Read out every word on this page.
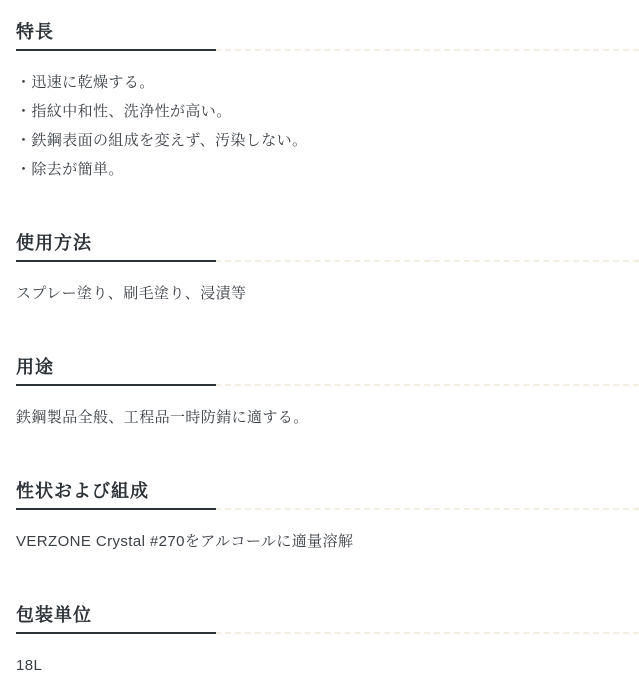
特長

・迅速に乾燥する。

・指紋中和性、洗浄性が高い。

・鉄鋼表面の組成を変えず、汚染しない。

・除去が簡単。

使用方法

スプレー塗り、刷毛塗り、浸漬等

用途

鉄鋼製品全般、工程品一時防錆に適する。

性状および組成

VERZONE Crystal #270をアルコールに適量溶解

包装単位

18L
